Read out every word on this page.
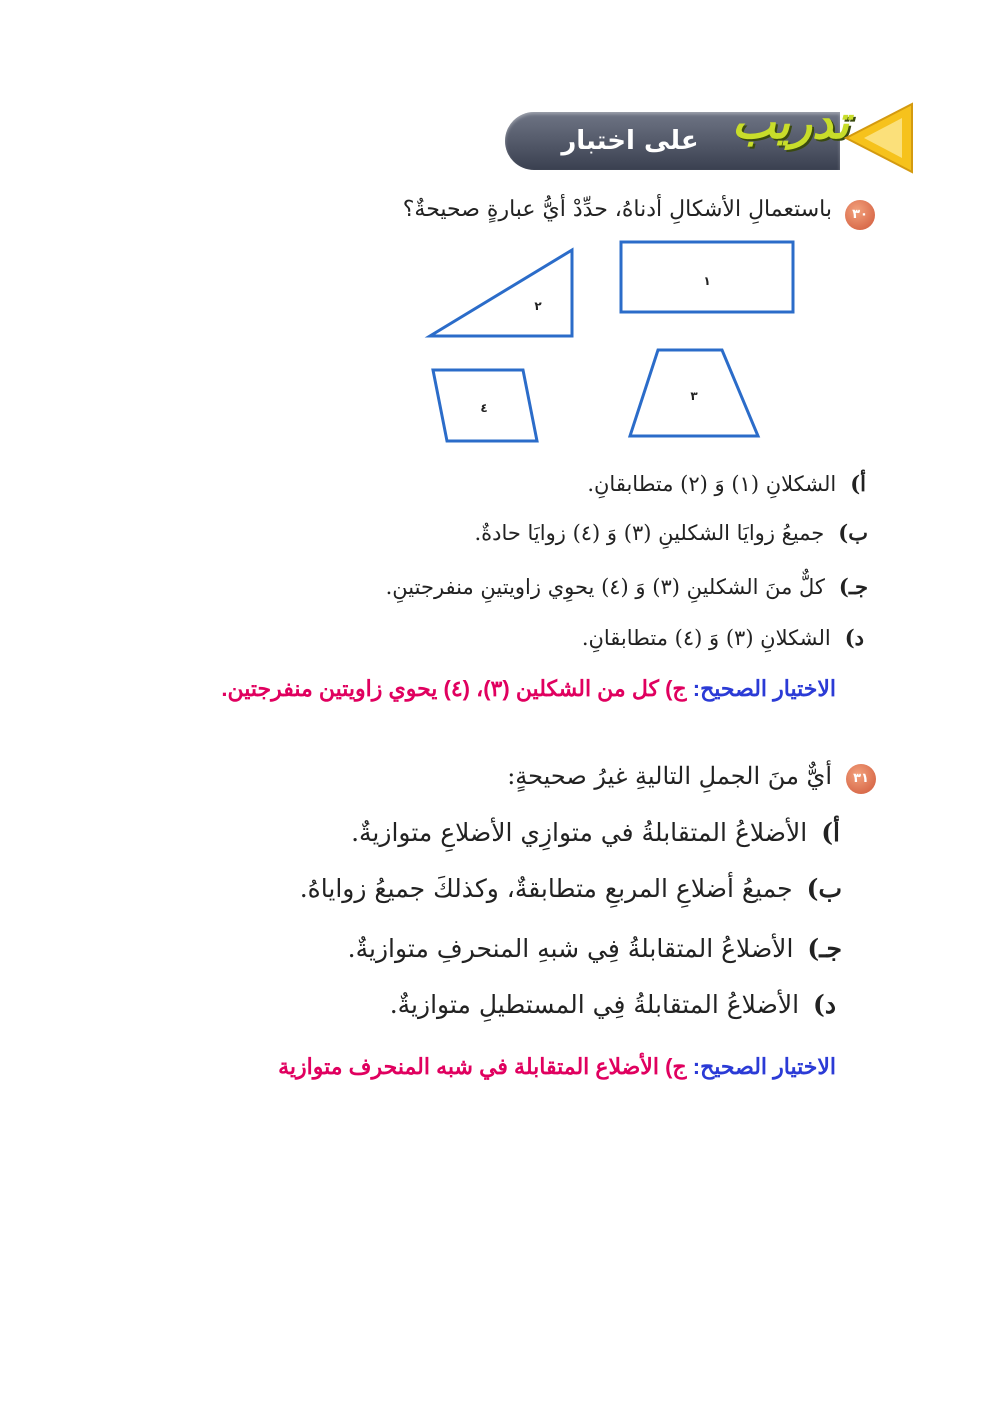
على اختبار تدريب
٣٠
باستعمالِ الأشكالِ أدناهُ، حدِّدْ أيُّ عبارةٍ صحيحةٌ؟
١
٢
٣
٤
أ)الشكلانِ (١) وَ (٢) متطابقانِ.
ب)جميعُ زوايَا الشكلينِ (٣) وَ (٤) زوايَا حادةٌ.
جـ)كلٌّ منَ الشكلينِ (٣) وَ (٤) يحوِي زاويتينِ منفرجتينِ.
د)الشكلانِ (٣) وَ (٤) متطابقانِ.
الاختيار الصحيح: ج) كل من الشكلين (٣)، (٤) يحوي زاويتين منفرجتين.
٣١
أيٌّ منَ الجملِ التاليةِ غيرُ صحيحةٍ:
أ)الأضلاعُ المتقابلةُ في متوازِي الأضلاعِ متوازيةٌ.
ب)جميعُ أضلاعِ المربعِ متطابقةٌ، وكذلكَ جميعُ زواياهُ.
جـ)الأضلاعُ المتقابلةُ فِي شبهِ المنحرفِ متوازيةٌ.
د)الأضلاعُ المتقابلةُ فِي المستطيلِ متوازيةٌ.
الاختيار الصحيح: ج) الأضلاع المتقابلة في شبه المنحرف متوازية
